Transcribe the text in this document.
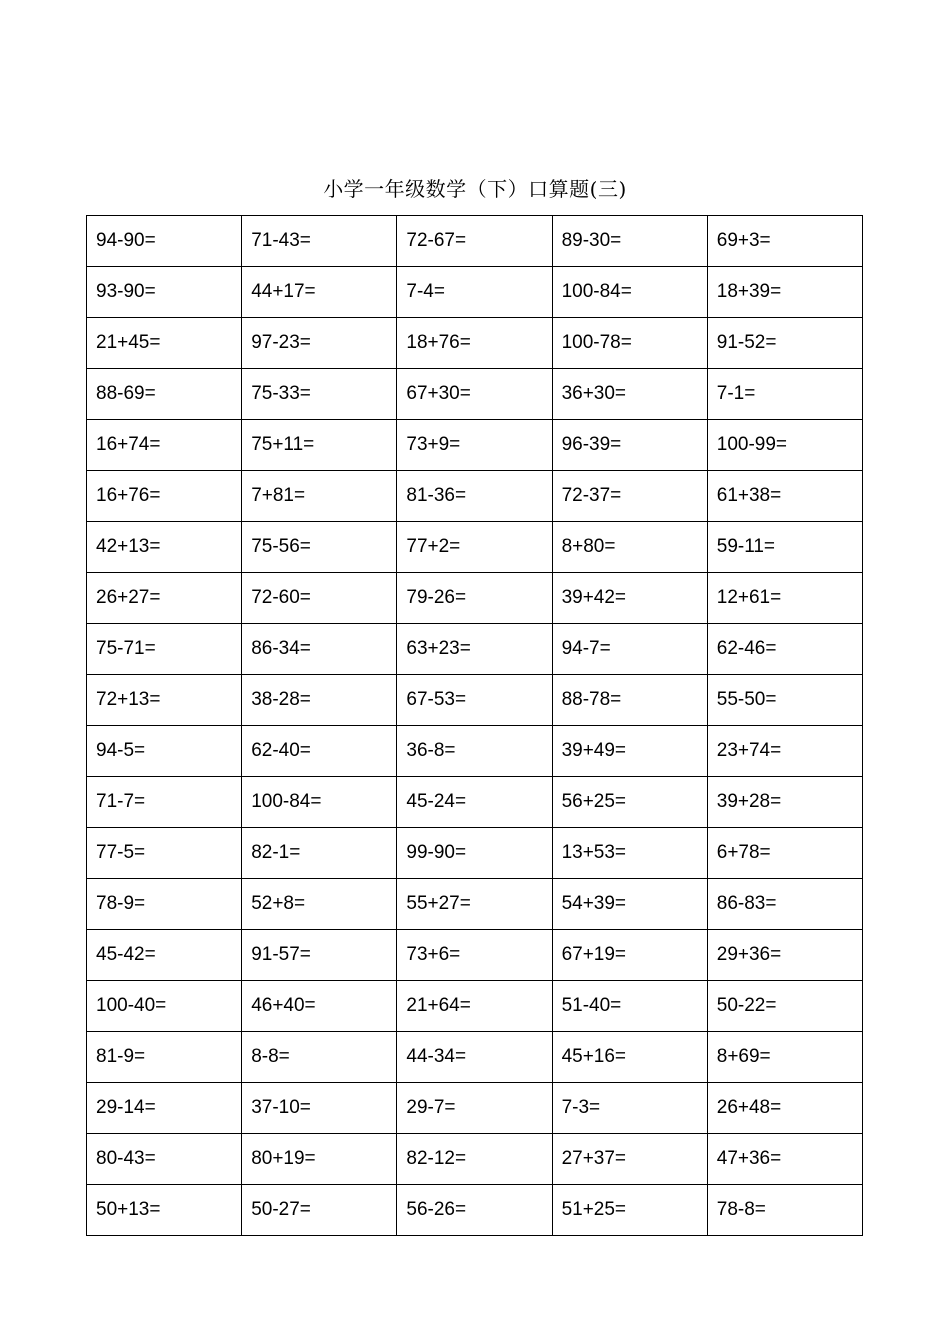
小学一年级数学（下）口算题(三)
94-90=	71-43=	72-67=	89-30=	69+3=
93-90=	44+17=	7-4=	100-84=	18+39=
21+45=	97-23=	18+76=	100-78=	91-52=
88-69=	75-33=	67+30=	36+30=	7-1=
16+74=	75+11=	73+9=	96-39=	100-99=
16+76=	7+81=	81-36=	72-37=	61+38=
42+13=	75-56=	77+2=	8+80=	59-11=
26+27=	72-60=	79-26=	39+42=	12+61=
75-71=	86-34=	63+23=	94-7=	62-46=
72+13=	38-28=	67-53=	88-78=	55-50=
94-5=	62-40=	36-8=	39+49=	23+74=
71-7=	100-84=	45-24=	56+25=	39+28=
77-5=	82-1=	99-90=	13+53=	6+78=
78-9=	52+8=	55+27=	54+39=	86-83=
45-42=	91-57=	73+6=	67+19=	29+36=
100-40=	46+40=	21+64=	51-40=	50-22=
81-9=	8-8=	44-34=	45+16=	8+69=
29-14=	37-10=	29-7=	7-3=	26+48=
80-43=	80+19=	82-12=	27+37=	47+36=
50+13=	50-27=	56-26=	51+25=	78-8=
